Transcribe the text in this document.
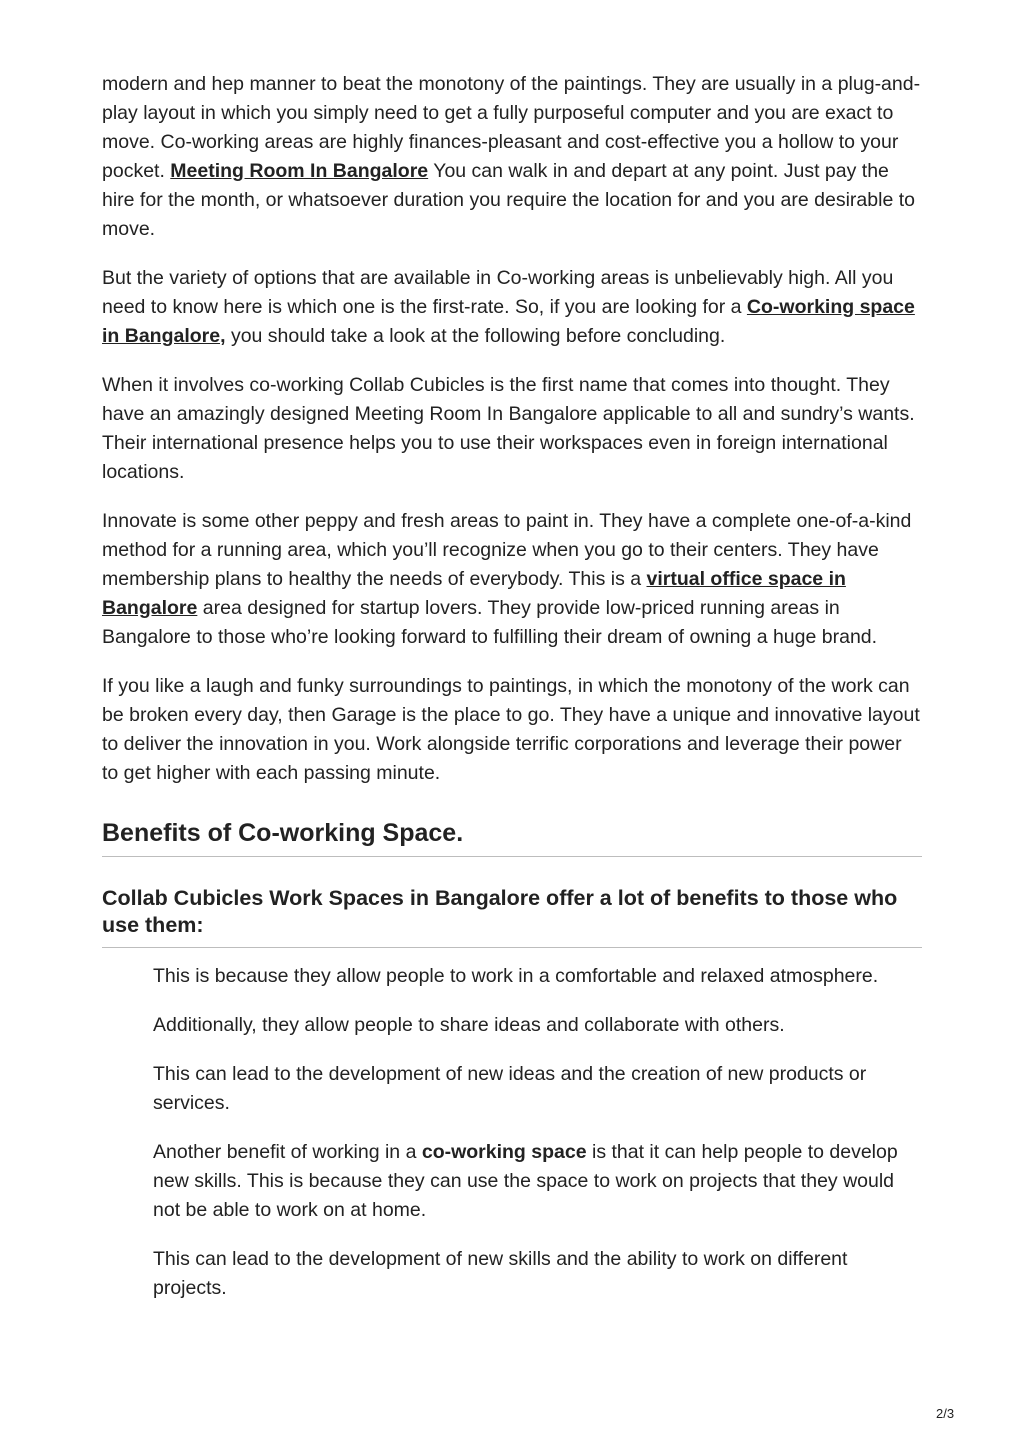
modern and hep manner to beat the monotony of the paintings. They are usually in a plug-and-play layout in which you simply need to get a fully purposeful computer and you are exact to move. Co-working areas are highly finances-pleasant and cost-effective you a hollow to your pocket. Meeting Room In Bangalore You can walk in and depart at any point. Just pay the hire for the month, or whatsoever duration you require the location for and you are desirable to move.

But the variety of options that are available in Co-working areas is unbelievably high. All you need to know here is which one is the first-rate. So, if you are looking for a Co-working space in Bangalore, you should take a look at the following before concluding.

When it involves co-working Collab Cubicles is the first name that comes into thought. They have an amazingly designed Meeting Room In Bangalore applicable to all and sundry’s wants. Their international presence helps you to use their workspaces even in foreign international locations.

Innovate is some other peppy and fresh areas to paint in. They have a complete one-of-a-kind method for a running area, which you’ll recognize when you go to their centers. They have membership plans to healthy the needs of everybody. This is a virtual office space in Bangalore area designed for startup lovers. They provide low-priced running areas in Bangalore to those who’re looking forward to fulfilling their dream of owning a huge brand.

If you like a laugh and funky surroundings to paintings, in which the monotony of the work can be broken every day, then Garage is the place to go. They have a unique and innovative layout to deliver the innovation in you. Work alongside terrific corporations and leverage their power to get higher with each passing minute.

Benefits of Co-working Space.
Collab Cubicles Work Spaces in Bangalore offer a lot of benefits to those who use them:

This is because they allow people to work in a comfortable and relaxed atmosphere.

Additionally, they allow people to share ideas and collaborate with others.

This can lead to the development of new ideas and the creation of new products or services.

Another benefit of working in a co-working space is that it can help people to develop new skills. This is because they can use the space to work on projects that they would not be able to work on at home.

This can lead to the development of new skills and the ability to work on different projects.

2/3
